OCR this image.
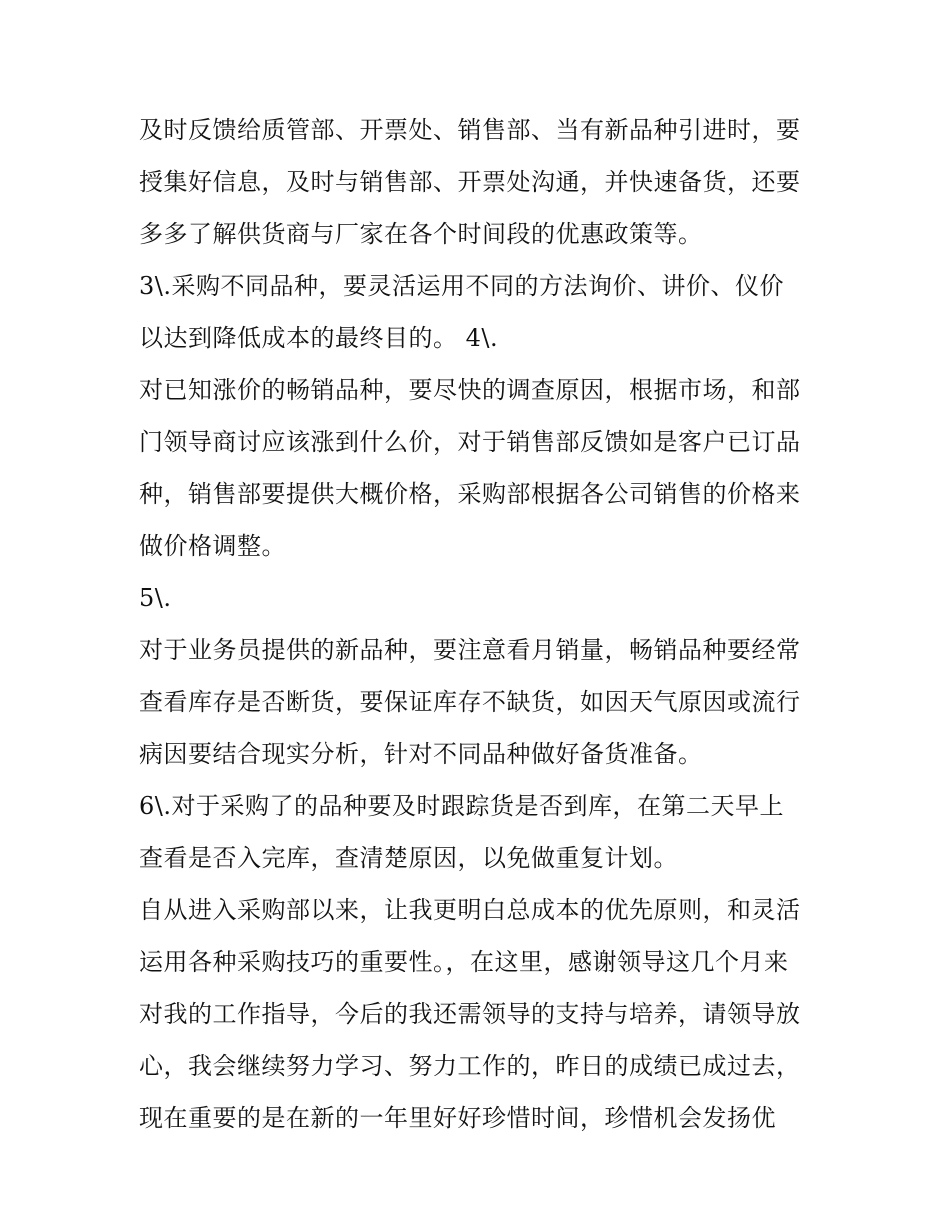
及时反馈给质管部、开票处、销售部、当有新品种引进时，要
授集好信息，及时与销售部、开票处沟通，并快速备货，还要
多多了解供货商与厂家在各个时间段的优惠政策等。
3\.采购不同品种，要灵活运用不同的方法询价、讲价、仪价
以达到降低成本的最终目的。 4\.
对已知涨价的畅销品种，要尽快的调查原因，根据市场，和部
门领导商讨应该涨到什么价，对于销售部反馈如是客户已订品
种，销售部要提供大概价格，采购部根据各公司销售的价格来
做价格调整。
5\.
对于业务员提供的新品种，要注意看月销量，畅销品种要经常
查看库存是否断货，要保证库存不缺货，如因天气原因或流行
病因要结合现实分析，针对不同品种做好备货准备。
6\.对于采购了的品种要及时跟踪货是否到库，在第二天早上
查看是否入完库，查清楚原因，以免做重复计划。
自从进入采购部以来，让我更明白总成本的优先原则，和灵活
运用各种采购技巧的重要性。，在这里，感谢领导这几个月来
对我的工作指导，今后的我还需领导的支持与培养，请领导放
心，我会继续努力学习、努力工作的，昨日的成绩已成过去，
现在重要的是在新的一年里好好珍惜时间，珍惜机会发扬优
